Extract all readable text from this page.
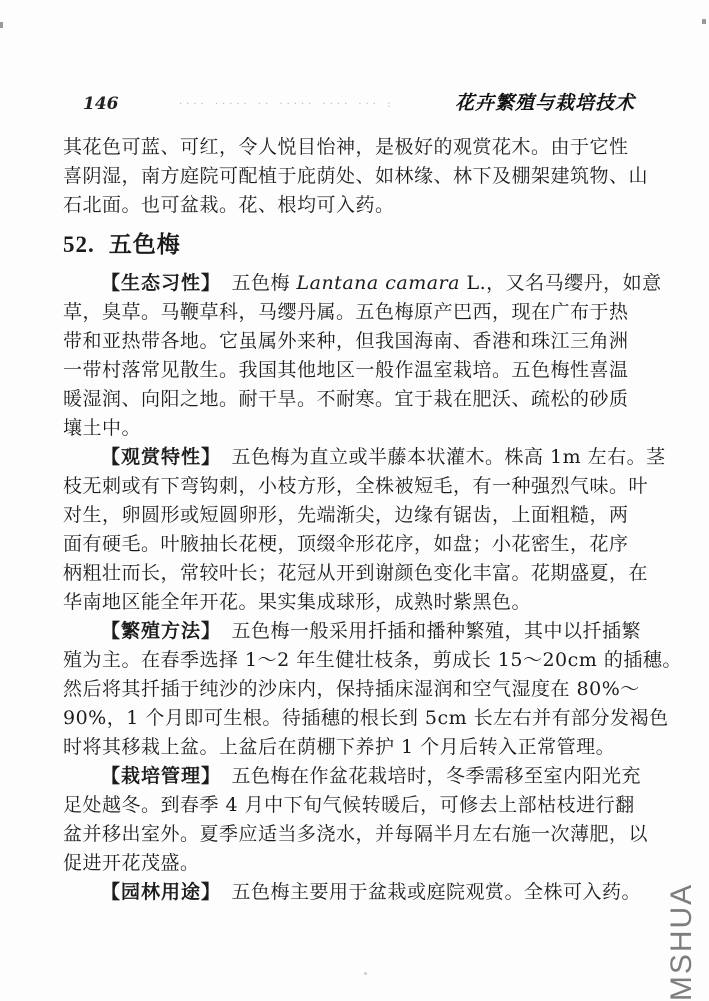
146	···· ····· ·· ····· ···· ··· :	花卉繁殖与栽培技术

其花色可蓝、可红，令人悦目怡神，是极好的观赏花木。由于它性
喜阴湿，南方庭院可配植于庇荫处、如林缘、林下及棚架建筑物、山
石北面。也可盆栽。花、根均可入药。

52. 五色梅

【生态习性】 五色梅 Lantana camara L.，又名马缨丹，如意
草，臭草。马鞭草科，马缨丹属。五色梅原产巴西，现在广布于热
带和亚热带各地。它虽属外来种，但我国海南、香港和珠江三角洲
一带村落常见散生。我国其他地区一般作温室栽培。五色梅性喜温
暖湿润、向阳之地。耐干旱。不耐寒。宜于栽在肥沃、疏松的砂质
壤土中。

【观赏特性】 五色梅为直立或半藤本状灌木。株高 1m 左右。茎
枝无刺或有下弯钩刺，小枝方形，全株被短毛，有一种强烈气味。叶
对生，卵圆形或短圆卵形，先端渐尖，边缘有锯齿，上面粗糙，两
面有硬毛。叶腋抽长花梗，顶缀伞形花序，如盘；小花密生，花序
柄粗壮而长，常较叶长；花冠从开到谢颜色变化丰富。花期盛夏，在
华南地区能全年开花。果实集成球形，成熟时紫黑色。

【繁殖方法】 五色梅一般采用扦插和播种繁殖，其中以扦插繁
殖为主。在春季选择 1～2 年生健壮枝条，剪成长 15～20cm 的插穗。
然后将其扦插于纯沙的沙床内，保持插床湿润和空气湿度在 80%～
90%，1 个月即可生根。待插穗的根长到 5cm 长左右并有部分发褐色
时将其移栽上盆。上盆后在荫棚下养护 1 个月后转入正常管理。

【栽培管理】 五色梅在作盆花栽培时，冬季需移至室内阳光充
足处越冬。到春季 4 月中下旬气候转暖后，可修去上部枯枝进行翻
盆并移出室外。夏季应适当多浇水，并每隔半月左右施一次薄肥，以
促进开花茂盛。

【园林用途】 五色梅主要用于盆栽或庭院观赏。全株可入药。 MSHUA
